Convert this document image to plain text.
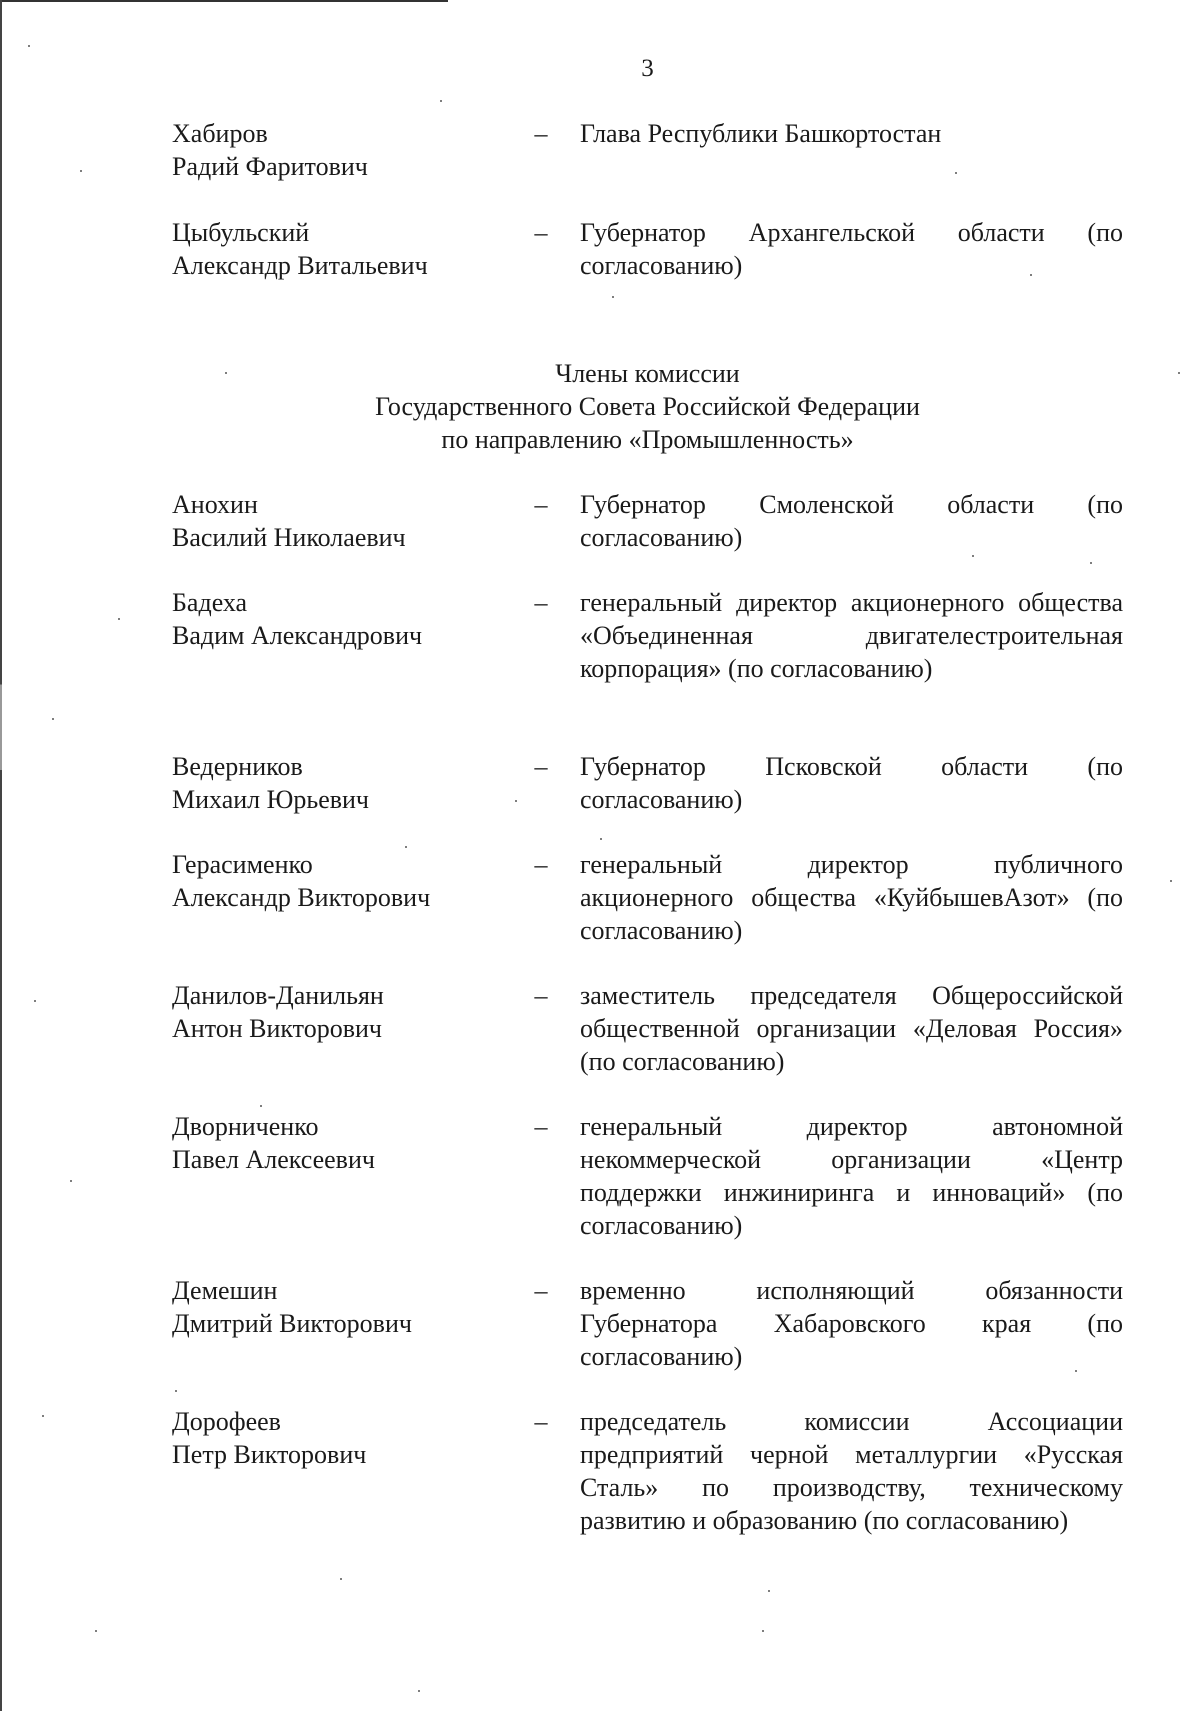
3
Хабиров
Радий Фаритович
– Глава Республики Башкортостан
Цыбульский
Александр Витальевич
– Губернатор Архангельской области (по согласованию)
Члены комиссии
Государственного Совета Российской Федерации
по направлению «Промышленность»
Анохин
Василий Николаевич
– Губернатор Смоленской области (по согласованию)
Бадеха
Вадим Александрович
– генеральный директор акционерного общества «Объединенная двигателестроительная корпорация» (по согласованию)
Ведерников
Михаил Юрьевич
– Губернатор Псковской области (по согласованию)
Герасименко
Александр Викторович
– генеральный директор публичного акционерного общества «КуйбышевАзот» (по согласованию)
Данилов-Данильян
Антон Викторович
– заместитель председателя Общероссийской общественной организации «Деловая Россия» (по согласованию)
Дворниченко
Павел Алексеевич
– генеральный директор автономной некоммерческой организации «Центр поддержки инжиниринга и инноваций» (по согласованию)
Демешин
Дмитрий Викторович
– временно исполняющий обязанности Губернатора Хабаровского края (по согласованию)
Дорофеев
Петр Викторович
– председатель комиссии Ассоциации предприятий черной металлургии «Русская Сталь» по производству, техническому развитию и образованию (по согласованию)
